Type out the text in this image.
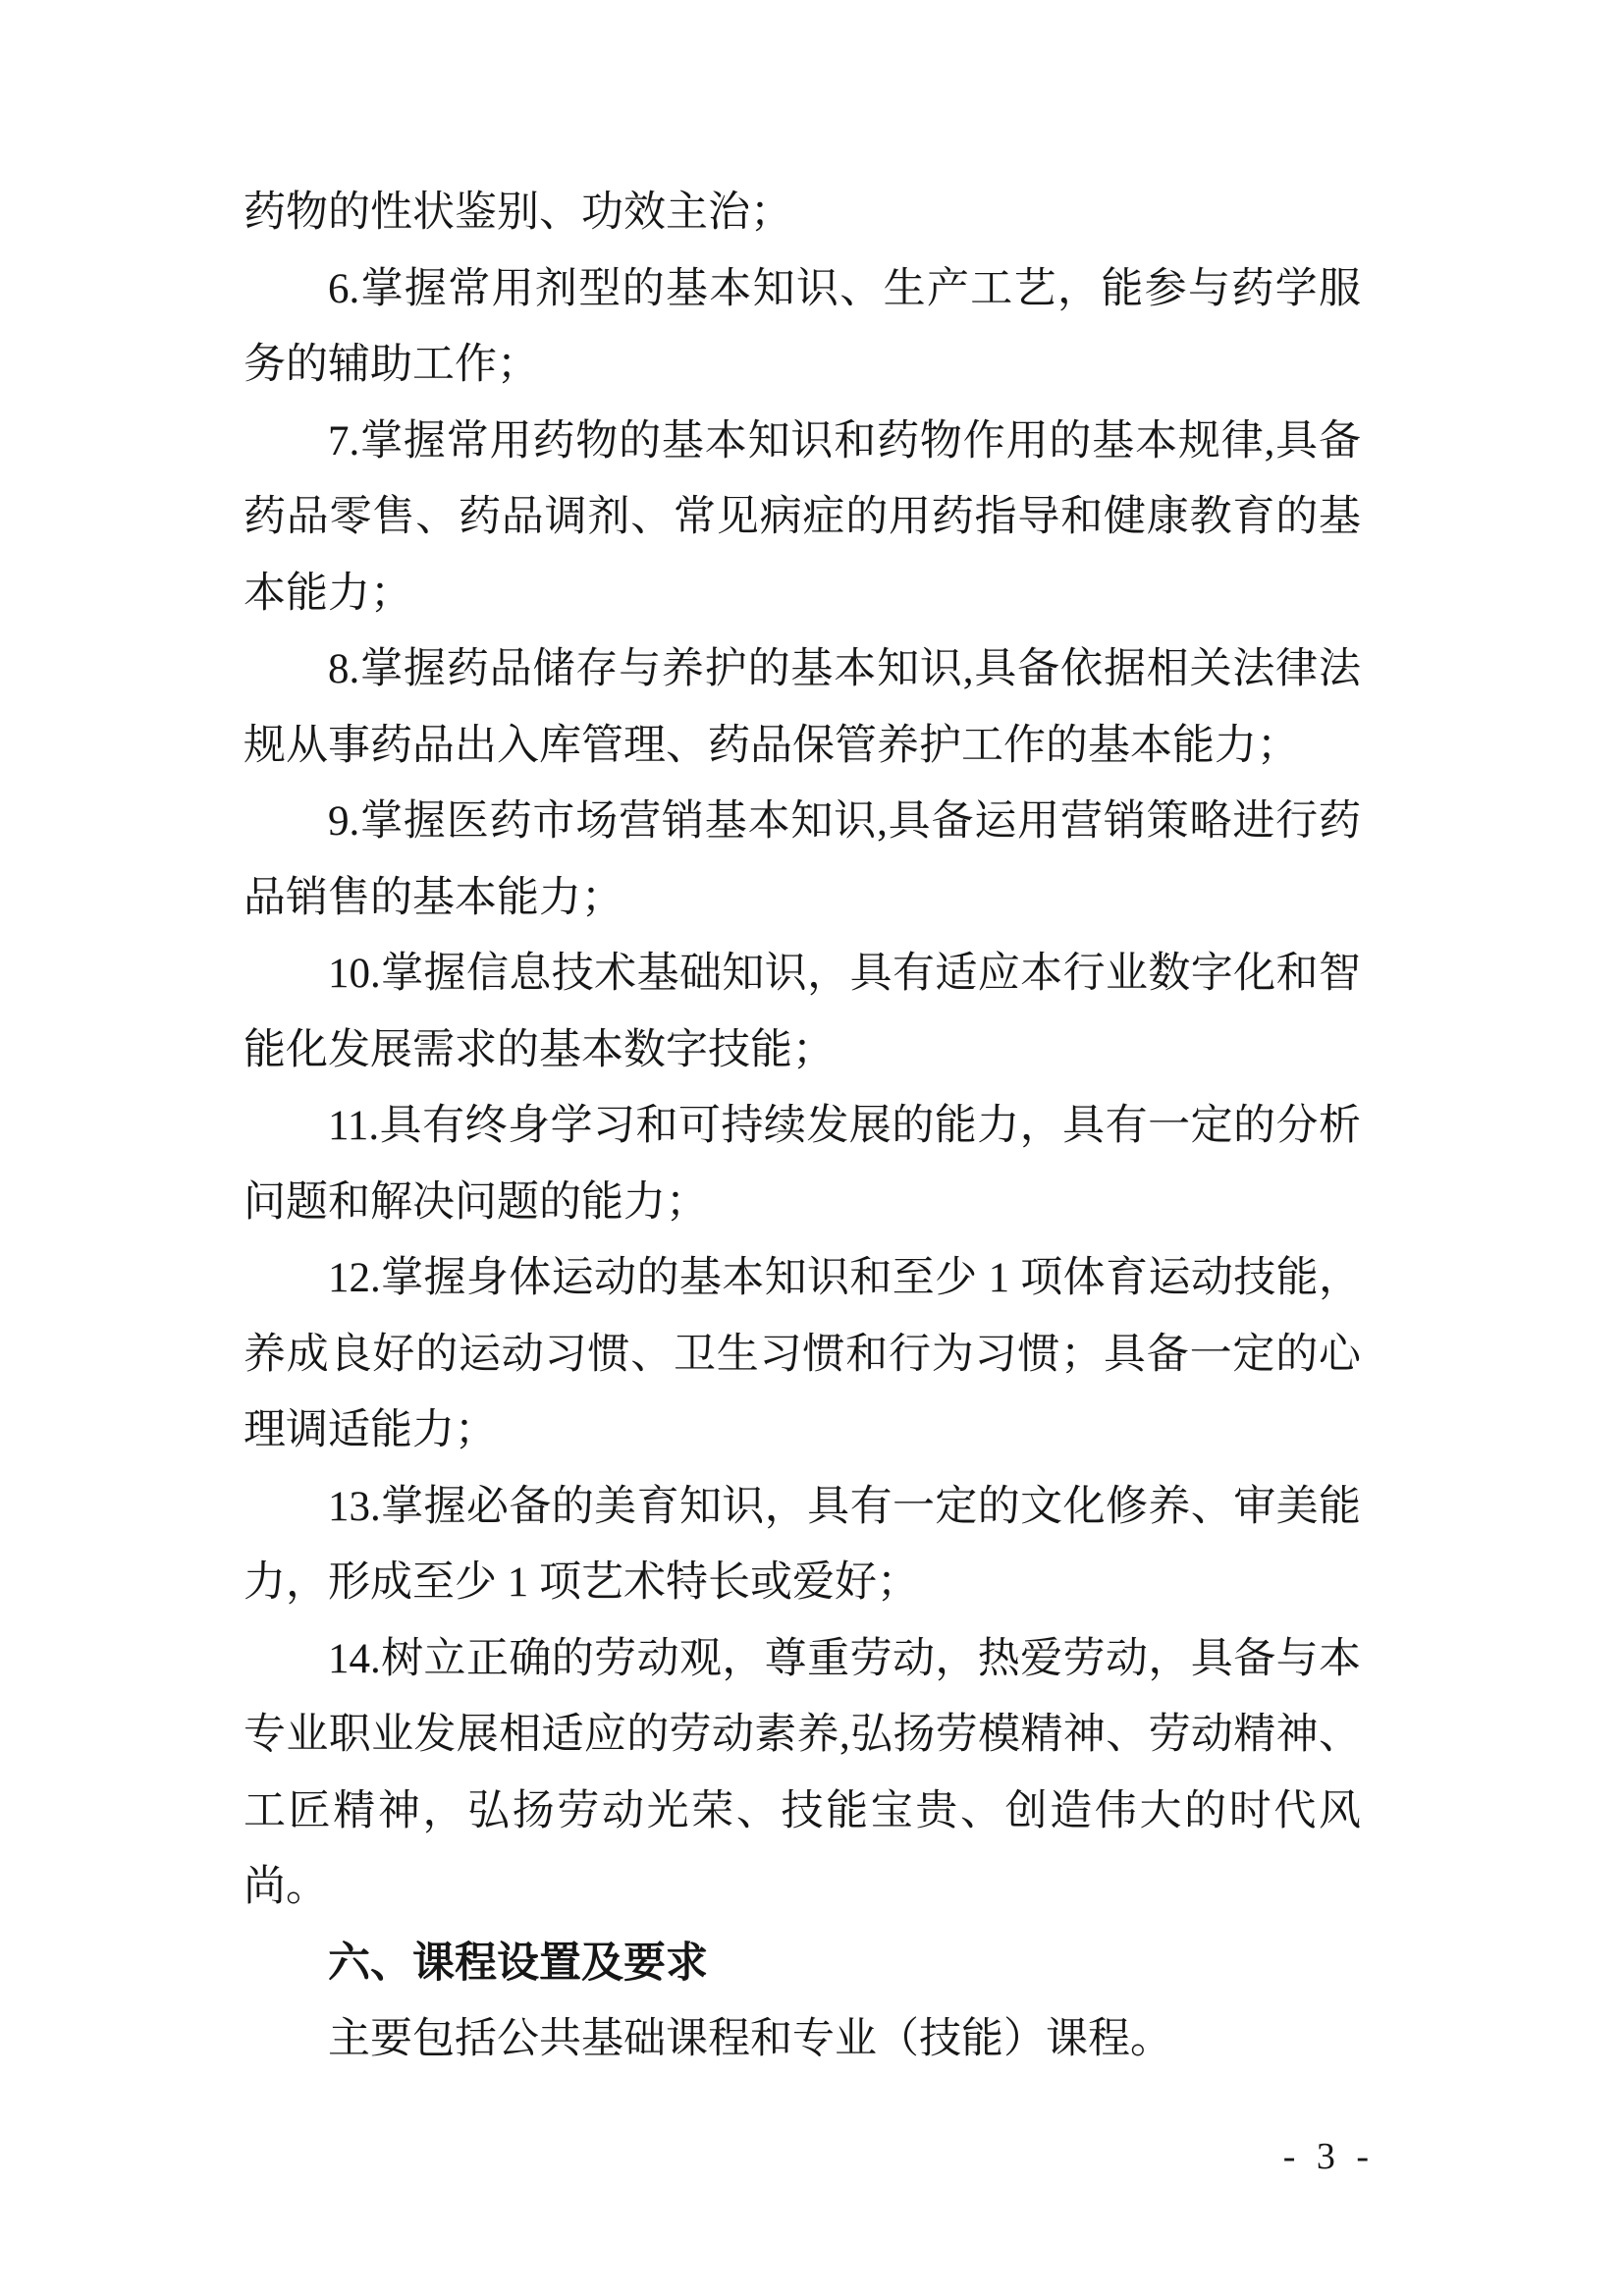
药物的性状鉴别、功效主治；

6.掌握常用剂型的基本知识、生产工艺，能参与药学服务的辅助工作；

7.掌握常用药物的基本知识和药物作用的基本规律,具备药品零售、药品调剂、常见病症的用药指导和健康教育的基本能力；

8.掌握药品储存与养护的基本知识,具备依据相关法律法规从事药品出入库管理、药品保管养护工作的基本能力；

9.掌握医药市场营销基本知识,具备运用营销策略进行药品销售的基本能力；

10.掌握信息技术基础知识，具有适应本行业数字化和智能化发展需求的基本数字技能；

11.具有终身学习和可持续发展的能力，具有一定的分析问题和解决问题的能力；

12.掌握身体运动的基本知识和至少 1 项体育运动技能，养成良好的运动习惯、卫生习惯和行为习惯；具备一定的心理调适能力；

13.掌握必备的美育知识，具有一定的文化修养、审美能力，形成至少 1 项艺术特长或爱好；

14.树立正确的劳动观，尊重劳动，热爱劳动，具备与本专业职业发展相适应的劳动素养,弘扬劳模精神、劳动精神、工匠精神，弘扬劳动光荣、技能宝贵、创造伟大的时代风尚。

六、课程设置及要求

主要包括公共基础课程和专业（技能）课程。

- 3 -
